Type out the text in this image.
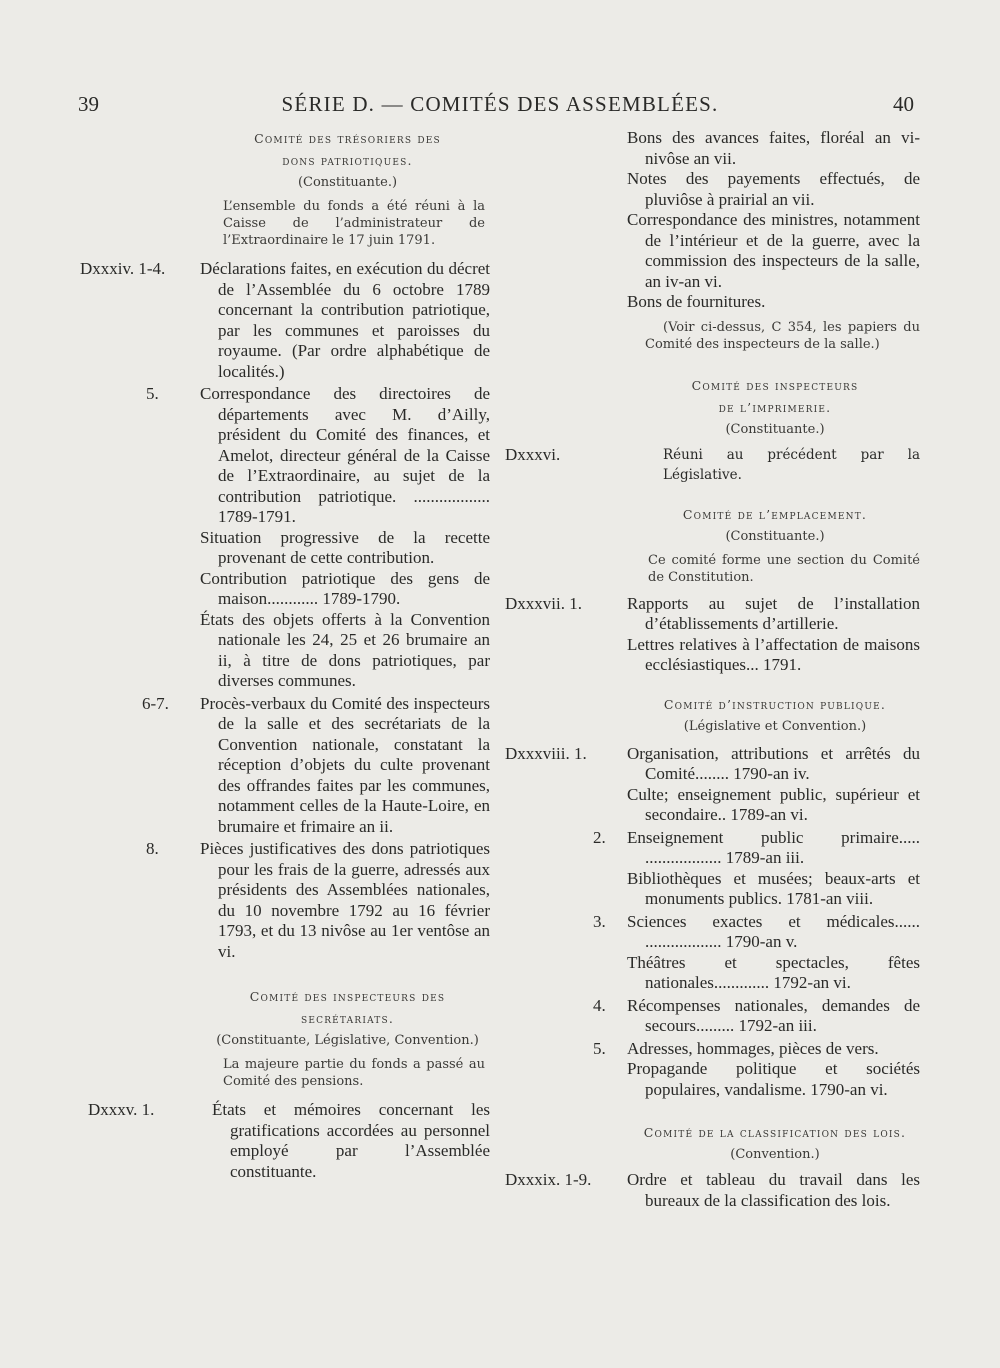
39	SÉRIE D. — COMITÉS DES ASSEMBLÉES.	40
Comité des trésoriers des
dons patriotiques.
(Constituante.)
L’ensemble du fonds a été réuni à la Caisse de l’administrateur de l’Extraordinaire le 17 juin 1791.
Dxxxiv. 1-4.	Déclarations faites, en exécution du décret de l’Assemblée du 6 octobre 1789 concernant la contribution patriotique, par les communes et paroisses du royaume. (Par ordre alphabétique de localités.)

5.	Correspondance des directoires de départements avec M. d’Ailly, président du Comité des finances, et Amelot, directeur général de la Caisse de l’Extraordinaire, au sujet de la contribution patriotique. .................. 1789-1791.

Situation progressive de la recette provenant de cette contribution.

Contribution patriotique des gens de maison............ 1789-1790.

États des objets offerts à la Convention nationale les 24, 25 et 26 brumaire an ii, à titre de dons patriotiques, par diverses communes.

6-7.	Procès-verbaux du Comité des inspecteurs de la salle et des secrétariats de la Convention nationale, constatant la réception d’objets du culte provenant des offrandes faites par les communes, notamment celles de la Haute-Loire, en brumaire et frimaire an ii.

8.	Pièces justificatives des dons patriotiques pour les frais de la guerre, adressés aux présidents des Assemblées nationales, du 10 novembre 1792 au 16 février 1793, et du 13 nivôse au 1er ventôse an vi.

Comité des inspecteurs des
secrétariats.
(Constituante, Législative, Convention.)
La majeure partie du fonds a passé au Comité des pensions.
Dxxxv. 1.	États et mémoires concernant les gratifications accordées au personnel employé par l’Assemblée constituante.

Bons des avances faites, floréal an vi-nivôse an vii.

Notes des payements effectués, de pluviôse à prairial an vii.

Correspondance des ministres, notamment de l’intérieur et de la guerre, avec la commission des inspecteurs de la salle, an iv-an vi.

Bons de fournitures.

(Voir ci-dessus, C 354, les papiers du Comité des inspecteurs de la salle.)
Comité des inspecteurs
de l’imprimerie.
(Constituante.)
Dxxxvi.	Réuni au précédent par la Législative.
Comité de l’emplacement.
(Constituante.)
Ce comité forme une section du Comité de Constitution.
Dxxxvii. 1.	Rapports au sujet de l’installation d’établissements d’artillerie.

Lettres relatives à l’affectation de maisons ecclésiastiques... 1791.

Comité d’instruction publique.
(Législative et Convention.)
Dxxxviii. 1.	Organisation, attributions et arrêtés du Comité........ 1790-an iv.

Culte; enseignement public, supérieur et secondaire.. 1789-an vi.

2.	Enseignement public primaire..... .................. 1789-an iii.

Bibliothèques et musées; beaux-arts et monuments publics. 1781-an viii.

3.	Sciences exactes et médicales...... .................. 1790-an v.

Théâtres et spectacles, fêtes nationales............. 1792-an vi.

4.	Récompenses nationales, demandes de secours......... 1792-an iii.

5.	Adresses, hommages, pièces de vers.

Propagande politique et sociétés populaires, vandalisme. 1790-an vi.

Comité de la classification des lois.
(Convention.)
Dxxxix. 1-9.	Ordre et tableau du travail dans les bureaux de la classification des lois.
